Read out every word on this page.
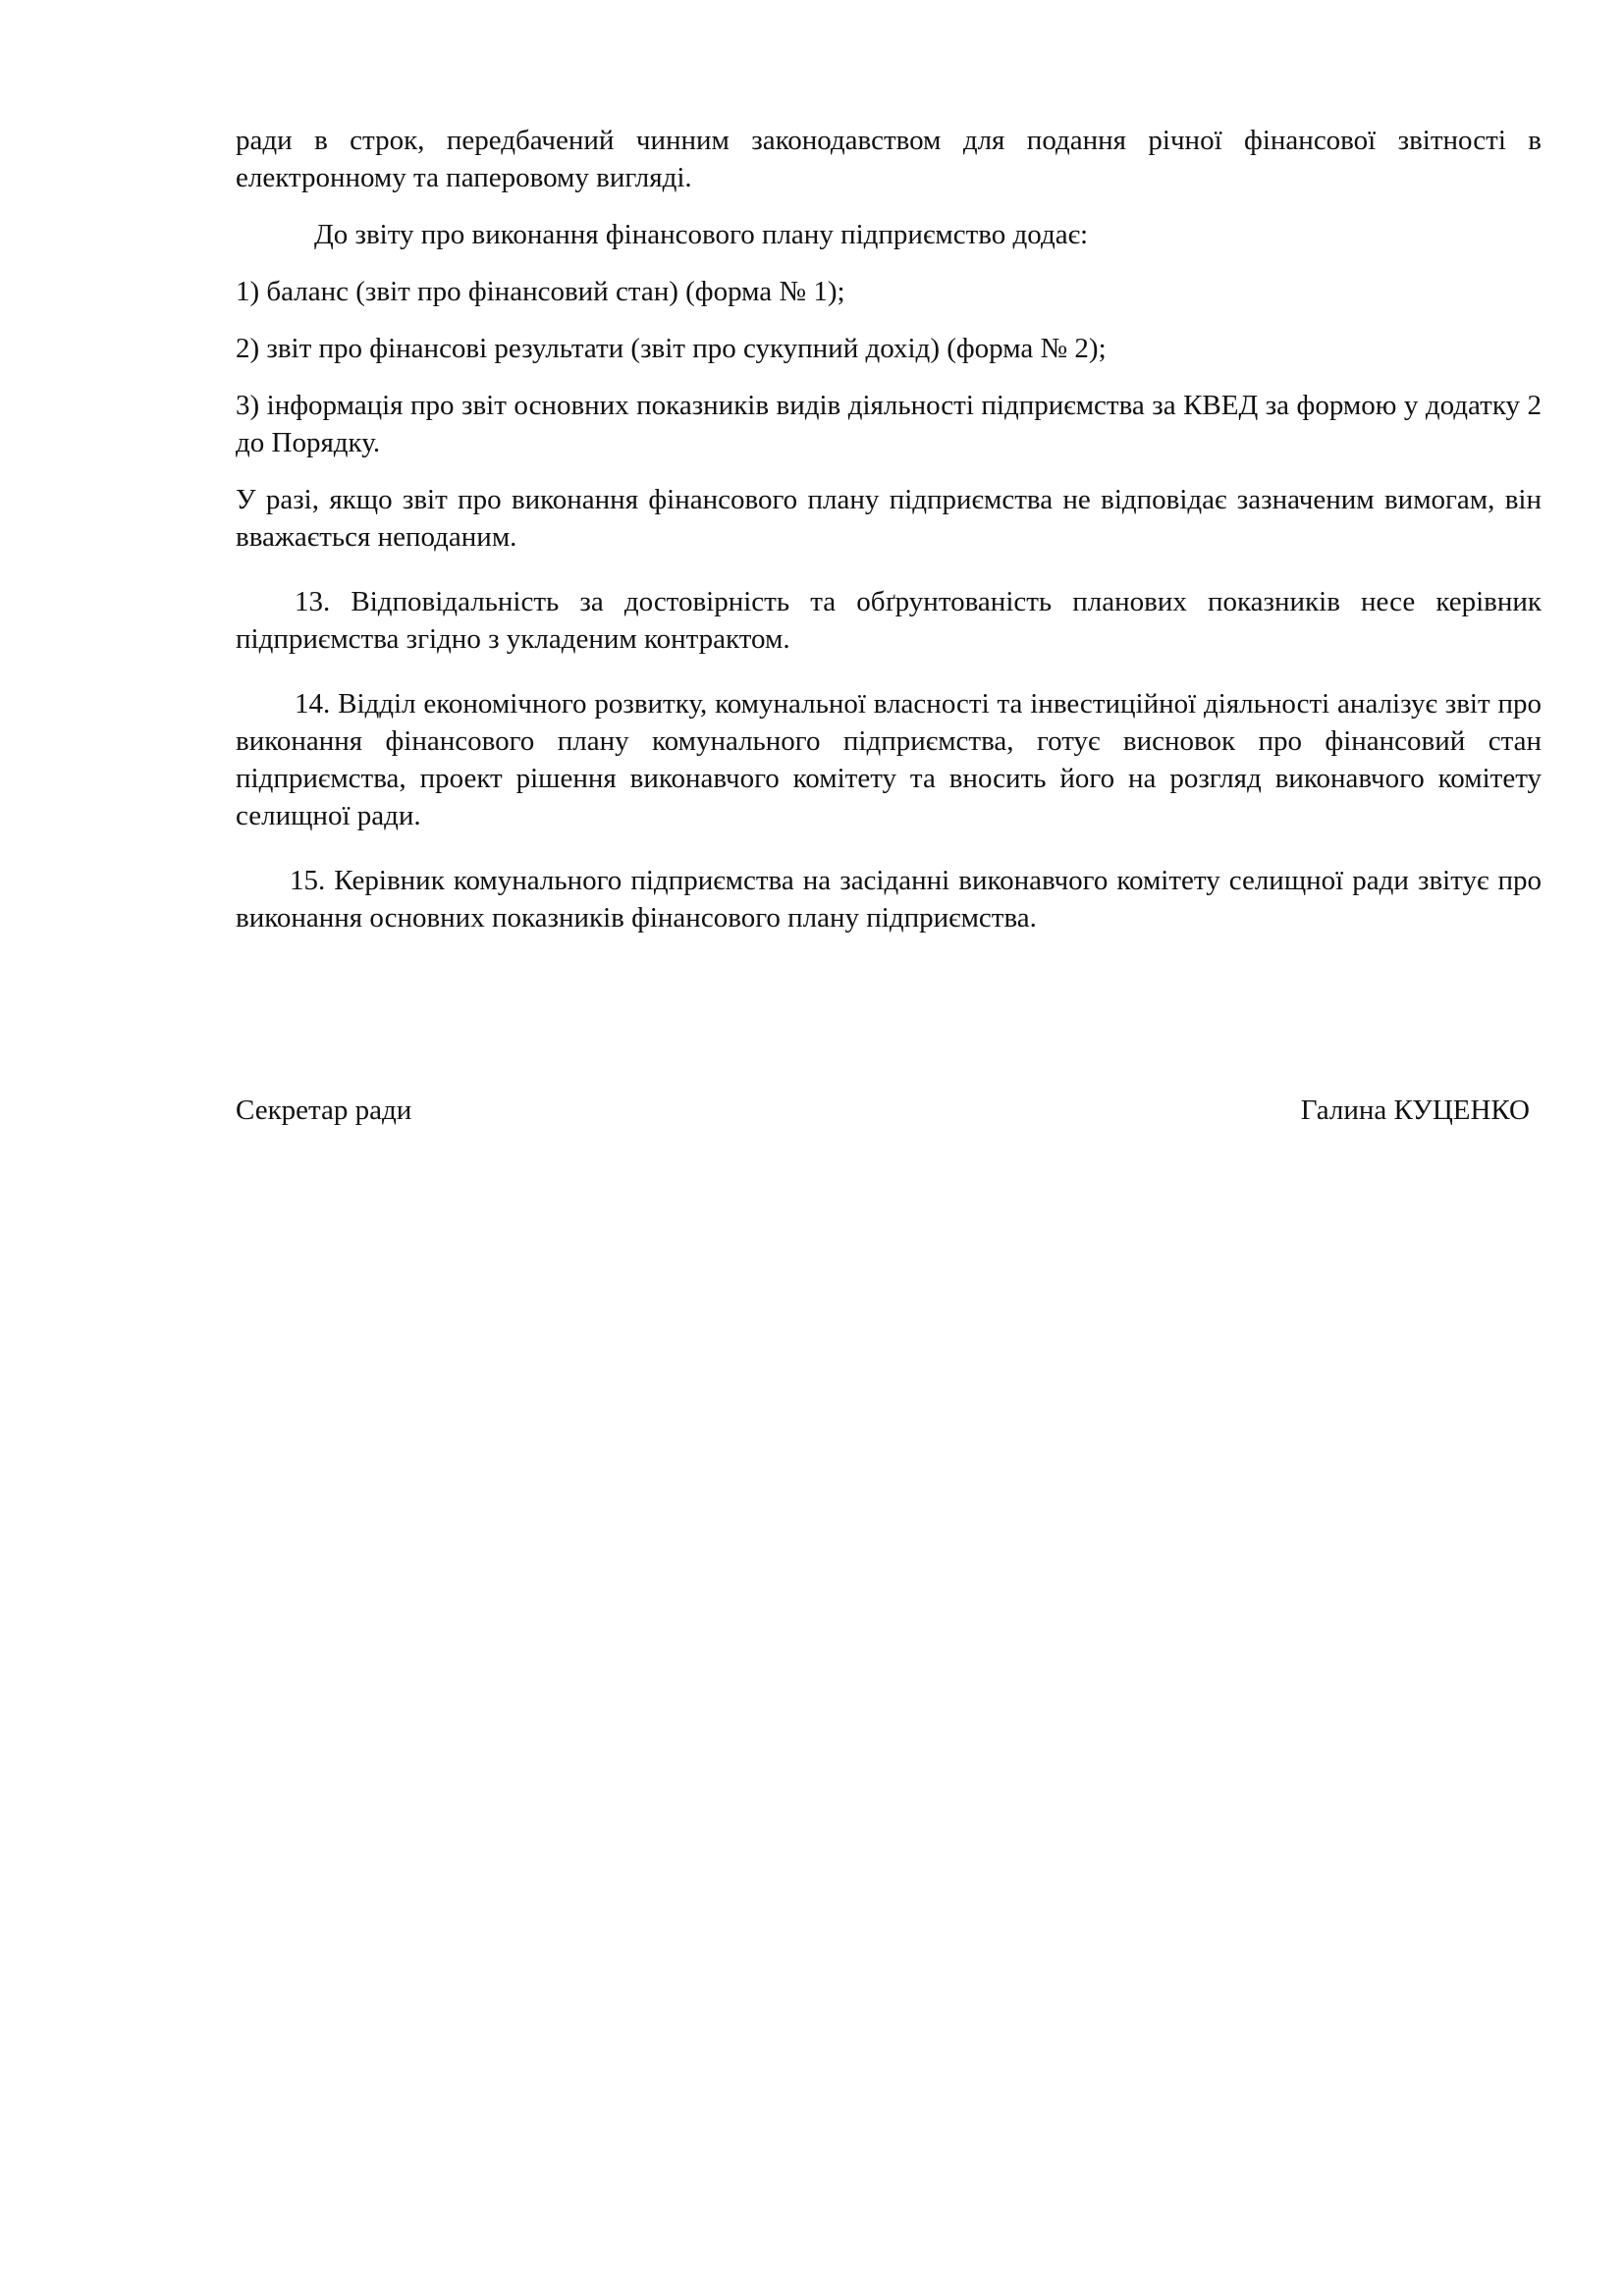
ради в строк, передбачений чинним законодавством для подання річної фінансової звітності в електронному та паперовому вигляді.

До звіту про виконання фінансового плану підприємство додає:

1) баланс (звіт про фінансовий стан) (форма № 1);

2) звіт про фінансові результати (звіт про сукупний дохід) (форма № 2);

3) інформація про звіт основних показників видів діяльності підприємства за КВЕД за формою у додатку 2 до Порядку.

У разі, якщо звіт про виконання фінансового плану підприємства не відповідає зазначеним вимогам, він вважається неподаним.

13. Відповідальність за достовірність та обґрунтованість планових показників несе керівник підприємства згідно з укладеним контрактом.

14. Відділ економічного розвитку, комунальної власності та інвестиційної діяльності аналізує звіт про виконання фінансового плану комунального підприємства, готує висновок про фінансовий стан підприємства, проект рішення виконавчого комітету та вносить його на розгляд виконавчого комітету селищної ради.

15. Керівник комунального підприємства на засіданні виконавчого комітету селищної ради звітує про виконання основних показників фінансового плану підприємства.

Секретар ради	Галина КУЦЕНКО
